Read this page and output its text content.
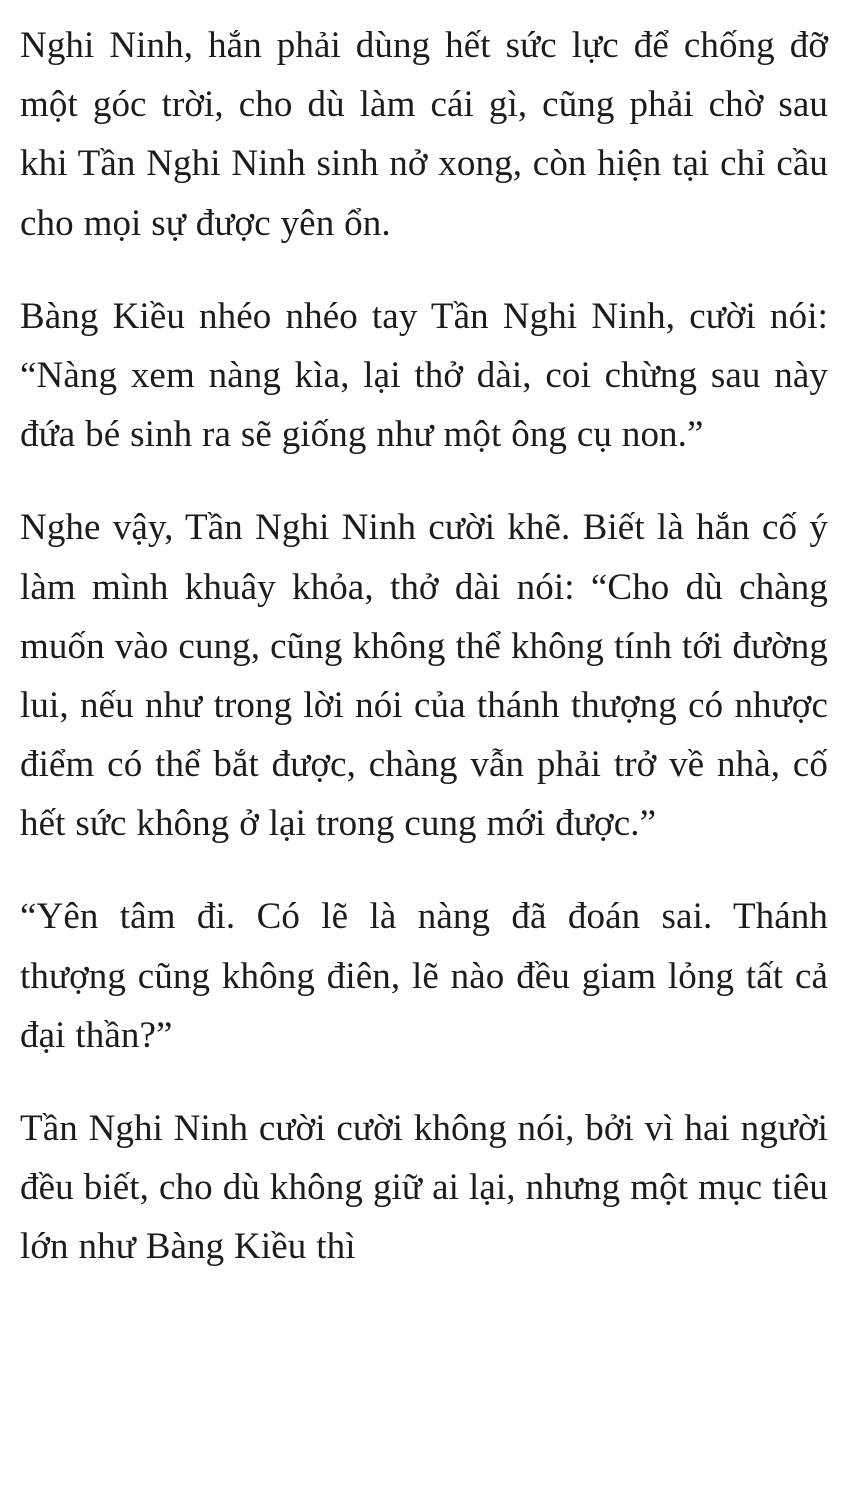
Nghi Ninh, hắn phải dùng hết sức lực để chống đỡ một góc trời, cho dù làm cái gì, cũng phải chờ sau khi Tần Nghi Ninh sinh nở xong, còn hiện tại chỉ cầu cho mọi sự được yên ổn.

Bàng Kiều nhéo nhéo tay Tần Nghi Ninh, cười nói: “Nàng xem nàng kìa, lại thở dài, coi chừng sau này đứa bé sinh ra sẽ giống như một ông cụ non.”

Nghe vậy, Tần Nghi Ninh cười khẽ. Biết là hắn cố ý làm mình khuây khỏa, thở dài nói: “Cho dù chàng muốn vào cung, cũng không thể không tính tới đường lui, nếu như trong lời nói của thánh thượng có nhược điểm có thể bắt được, chàng vẫn phải trở về nhà, cố hết sức không ở lại trong cung mới được.”

“Yên tâm đi. Có lẽ là nàng đã đoán sai. Thánh thượng cũng không điên, lẽ nào đều giam lỏng tất cả đại thần?”

Tần Nghi Ninh cười cười không nói, bởi vì hai người đều biết, cho dù không giữ ai lại, nhưng một mục tiêu lớn như Bàng Kiều thì
